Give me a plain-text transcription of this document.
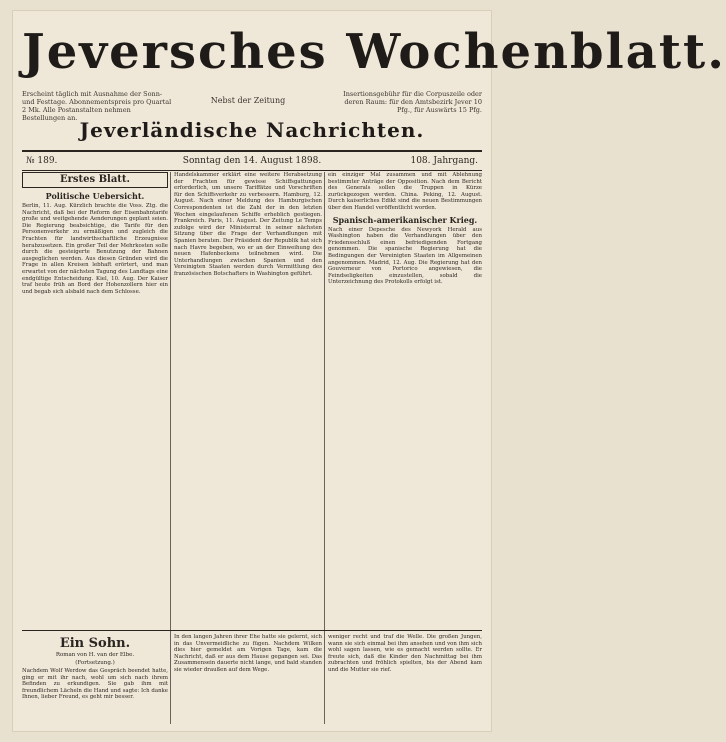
Jeversches Wochenblatt.
Erscheint täglich mit Ausnahme der Sonn- und Festtage. Abonnementspreis pro Quartal 2 Mk. Alle Postanstalten nehmen Bestellungen an.
Nebst der Zeitung
Insertionsgebühr für die Corpuszeile oder deren Raum: für den Amtsbezirk Jever 10 Pfg., für Auswärts 15 Pfg.
Jeverländische Nachrichten.
№ 189.	Sonntag den 14. August 1898.	108. Jahrgang.
Erstes Blatt.
Politische Uebersicht.

Berlin, 11. Aug. Kürzlich brachte die Voss. Ztg. die Nachricht, daß bei der Reform der Eisenbahntarife große und weitgehende Aenderungen geplant seien. Die Regierung beabsichtige, die Tarife für den Personenverkehr zu ermäßigen und zugleich die Frachten für landwirthschaftliche Erzeugnisse herabzusetzen. Ein großer Teil der Mehrkosten solle durch die gesteigerte Benutzung der Bahnen ausgeglichen werden. Aus diesen Gründen wird die Frage in allen Kreisen lebhaft erörtert, und man erwartet von der nächsten Tagung des Landtags eine endgültige Entscheidung. Kiel, 10. Aug. Der Kaiser traf heute früh an Bord der Hohenzollern hier ein und begab sich alsbald nach dem Schlosse.

Handelskammer erklärt eine weitere Herabsetzung der Frachten für gewisse Schiffsgattungen erforderlich, um unsere Tariffätze und Vorschriften für den Schiffsverkehr zu verbessern. Hamburg, 12. August. Nach einer Meldung des Hamburgischen Correspondenten ist die Zahl der in den letzten Wochen eingelaufenen Schiffe erheblich gestiegen. Frankreich. Paris, 11. August. Der Zeitung Le Temps zufolge wird der Ministerrat in seiner nächsten Sitzung über die Frage der Verhandlungen mit Spanien beraten. Der Präsident der Republik hat sich nach Havre begeben, wo er an der Einweihung des neuen Hafenbeckens teilnehmen wird. Die Unterhandlungen zwischen Spanien und den Vereinigten Staaten werden durch Vermittlung des französischen Botschafters in Washington geführt.

ein einziger Mal zusammen und mit Ablehnung bestimmter Anträge der Opposition. Nach dem Bericht des Generals sollen die Truppen in Kürze zurückgezogen werden. China. Peking, 12. August. Durch kaiserliches Edikt sind die neuen Bestimmungen über den Handel veröffentlicht worden.

Spanisch-amerikanischer Krieg.

Nach einer Depesche des Newyork Herald aus Washington haben die Verhandlungen über den Friedensschluß einen befriedigenden Fortgang genommen. Die spanische Regierung hat die Bedingungen der Vereinigten Staaten im Allgemeinen angenommen. Madrid, 12. Aug. Die Regierung hat den Gouverneur von Portorico angewiesen, die Feindseligkeiten einzustellen, sobald die Unterzeichnung des Protokolls erfolgt ist.

Ein Sohn.
Roman von H. van der Elbe.
(Fortsetzung.)

Nachdem Wolf Werdow das Gespräch beendet hatte, ging er mit ihr nach, wohl um sich nach ihrem Befinden zu erkundigen. Sie gab ihm mit freundlichem Lächeln die Hand und sagte: Ich danke Ihnen, lieber Freund, es geht mir besser.

In den langen Jahren ihrer Ehe hatte sie gelernt, sich in das Unvermeidliche zu fügen. Nachdem Wilken dies hier gemeldet am Vorigen Tage, kam die Nachricht, daß er aus dem Hause gegangen sei. Das Zusammensein dauerte nicht lange, und bald standen sie wieder draußen auf dem Wege.

weniger recht und traf die Welle. Die großen Jungen, wann sie sich einmal bei ihm ansehen und von ihm sich wohl sagen lassen, wie es gemacht werden sollte. Er freute sich, daß die Kinder den Nachmittag bei ihm zubrachten und fröhlich spielten, bis der Abend kam und die Mutter sie rief.
